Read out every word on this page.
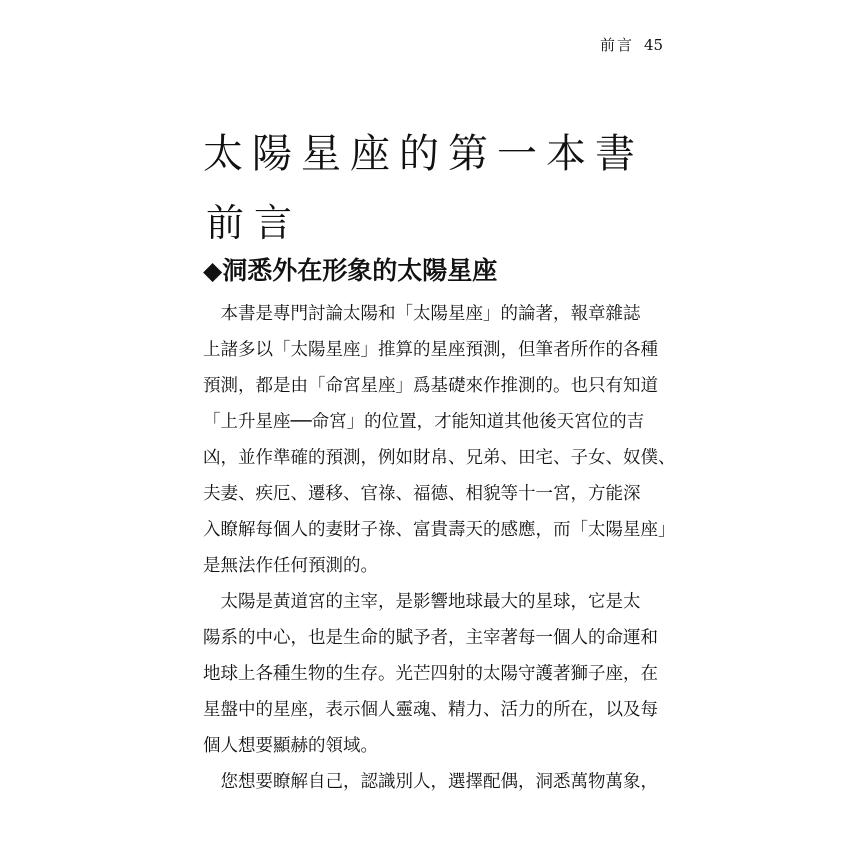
前言 45
太陽星座的第一本書
前言
◆洞悉外在形象的太陽星座
　本書是專門討論太陽和「太陽星座」的論著，報章雜誌
上諸多以「太陽星座」推算的星座預測，但筆者所作的各種
預測，都是由「命宮星座」爲基礎來作推測的。也只有知道
「上升星座──命宮」的位置，才能知道其他後天宮位的吉
凶，並作準確的預測，例如財帛、兄弟、田宅、子女、奴僕、
夫妻、疾厄、遷移、官祿、福德、相貌等十一宮，方能深
入瞭解每個人的妻財子祿、富貴壽天的感應，而「太陽星座」
是無法作任何預測的。
　太陽是黃道宮的主宰，是影響地球最大的星球，它是太
陽系的中心，也是生命的賦予者，主宰著每一個人的命運和
地球上各種生物的生存。光芒四射的太陽守護著獅子座，在
星盤中的星座，表示個人靈魂、精力、活力的所在，以及每
個人想要顯赫的領域。
　您想要瞭解自己，認識別人，選擇配偶，洞悉萬物萬象，
